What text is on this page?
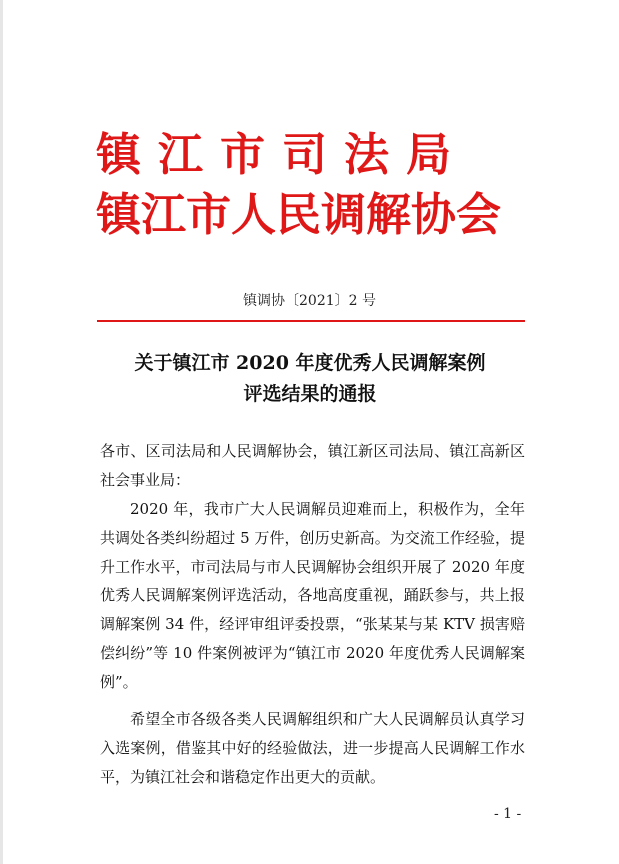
镇江市司法局
镇江市人民调解协会
镇调协〔2021〕2 号
关于镇江市 2020 年度优秀人民调解案例
评选结果的通报

各市、区司法局和人民调解协会，镇江新区司法局、镇江高新区社会事业局：

2020 年，我市广大人民调解员迎难而上，积极作为，全年共调处各类纠纷超过 5 万件，创历史新高。为交流工作经验，提升工作水平，市司法局与市人民调解协会组织开展了 2020 年度优秀人民调解案例评选活动，各地高度重视，踊跃参与，共上报调解案例 34 件，经评审组评委投票，“张某某与某 KTV 损害赔偿纠纷”等 10 件案例被评为“镇江市 2020 年度优秀人民调解案例”。

希望全市各级各类人民调解组织和广大人民调解员认真学习入选案例，借鉴其中好的经验做法，进一步提高人民调解工作水平，为镇江社会和谐稳定作出更大的贡献。

- 1 -
